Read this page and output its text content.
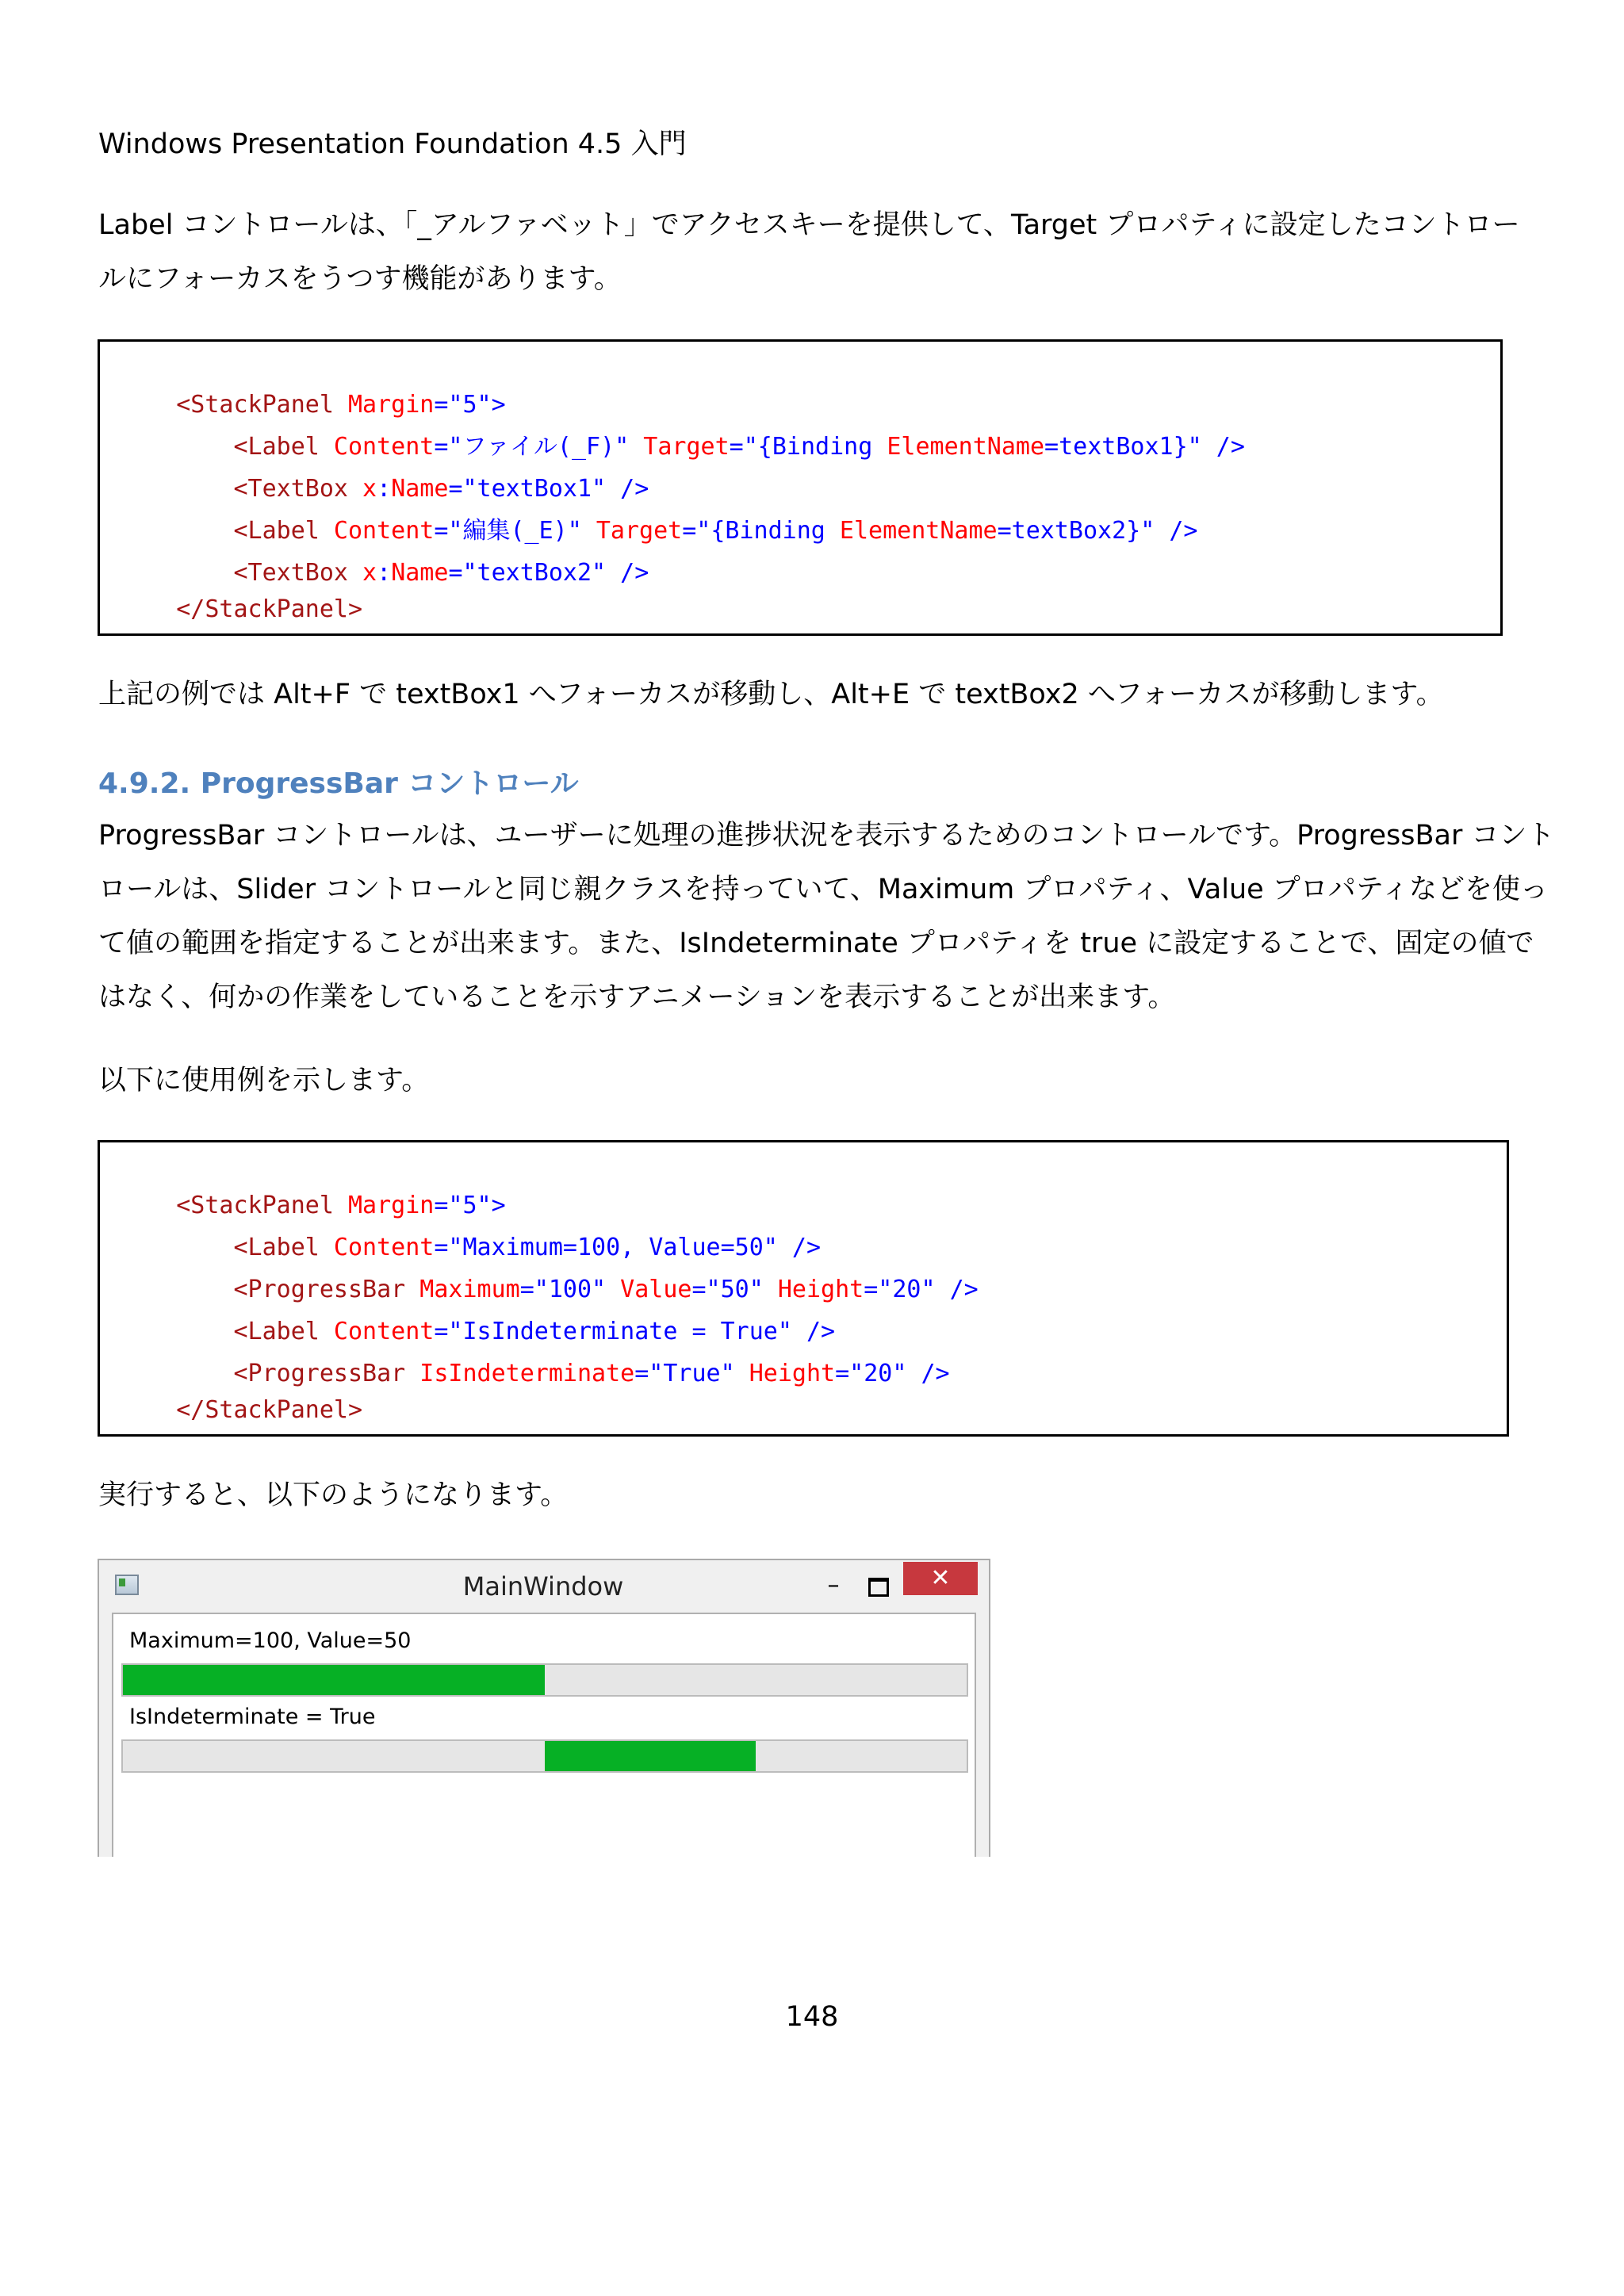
Windows Presentation Foundation 4.5 入門
Label コントロールは、「_アルファベット」でアクセスキーを提供して、Target プロパティに設定したコントロー
ルにフォーカスをうつす機能があります。

<StackPanel Margin="5">

<Label Content="ファイル(_F)" Target="{Binding ElementName=textBox1}" />

<TextBox x:Name="textBox1" />

<Label Content="編集(_E)" Target="{Binding ElementName=textBox2}" />

<TextBox x:Name="textBox2" />

</StackPanel>

上記の例では Alt+F で textBox1 へフォーカスが移動し、Alt+E で textBox2 へフォーカスが移動します。
4.9.2. ProgressBar コントロール
ProgressBar コントロールは、ユーザーに処理の進捗状況を表示するためのコントロールです。ProgressBar コント
ロールは、Slider コントロールと同じ親クラスを持っていて、Maximum プロパティ、Value プロパティなどを使っ
て値の範囲を指定することが出来ます。また、IsIndeterminate プロパティを true に設定することで、固定の値で
はなく、何かの作業をしていることを示すアニメーションを表示することが出来ます。
以下に使用例を示します。

<StackPanel Margin="5">

<Label Content="Maximum=100, Value=50" />

<ProgressBar Maximum="100" Value="50" Height="20" />

<Label Content="IsIndeterminate = True" />

<ProgressBar IsIndeterminate="True" Height="20" />

</StackPanel>

実行すると、以下のようになります。
MainWindow	–	✕
Maximum=100, Value=50
IsIndeterminate = True
148
